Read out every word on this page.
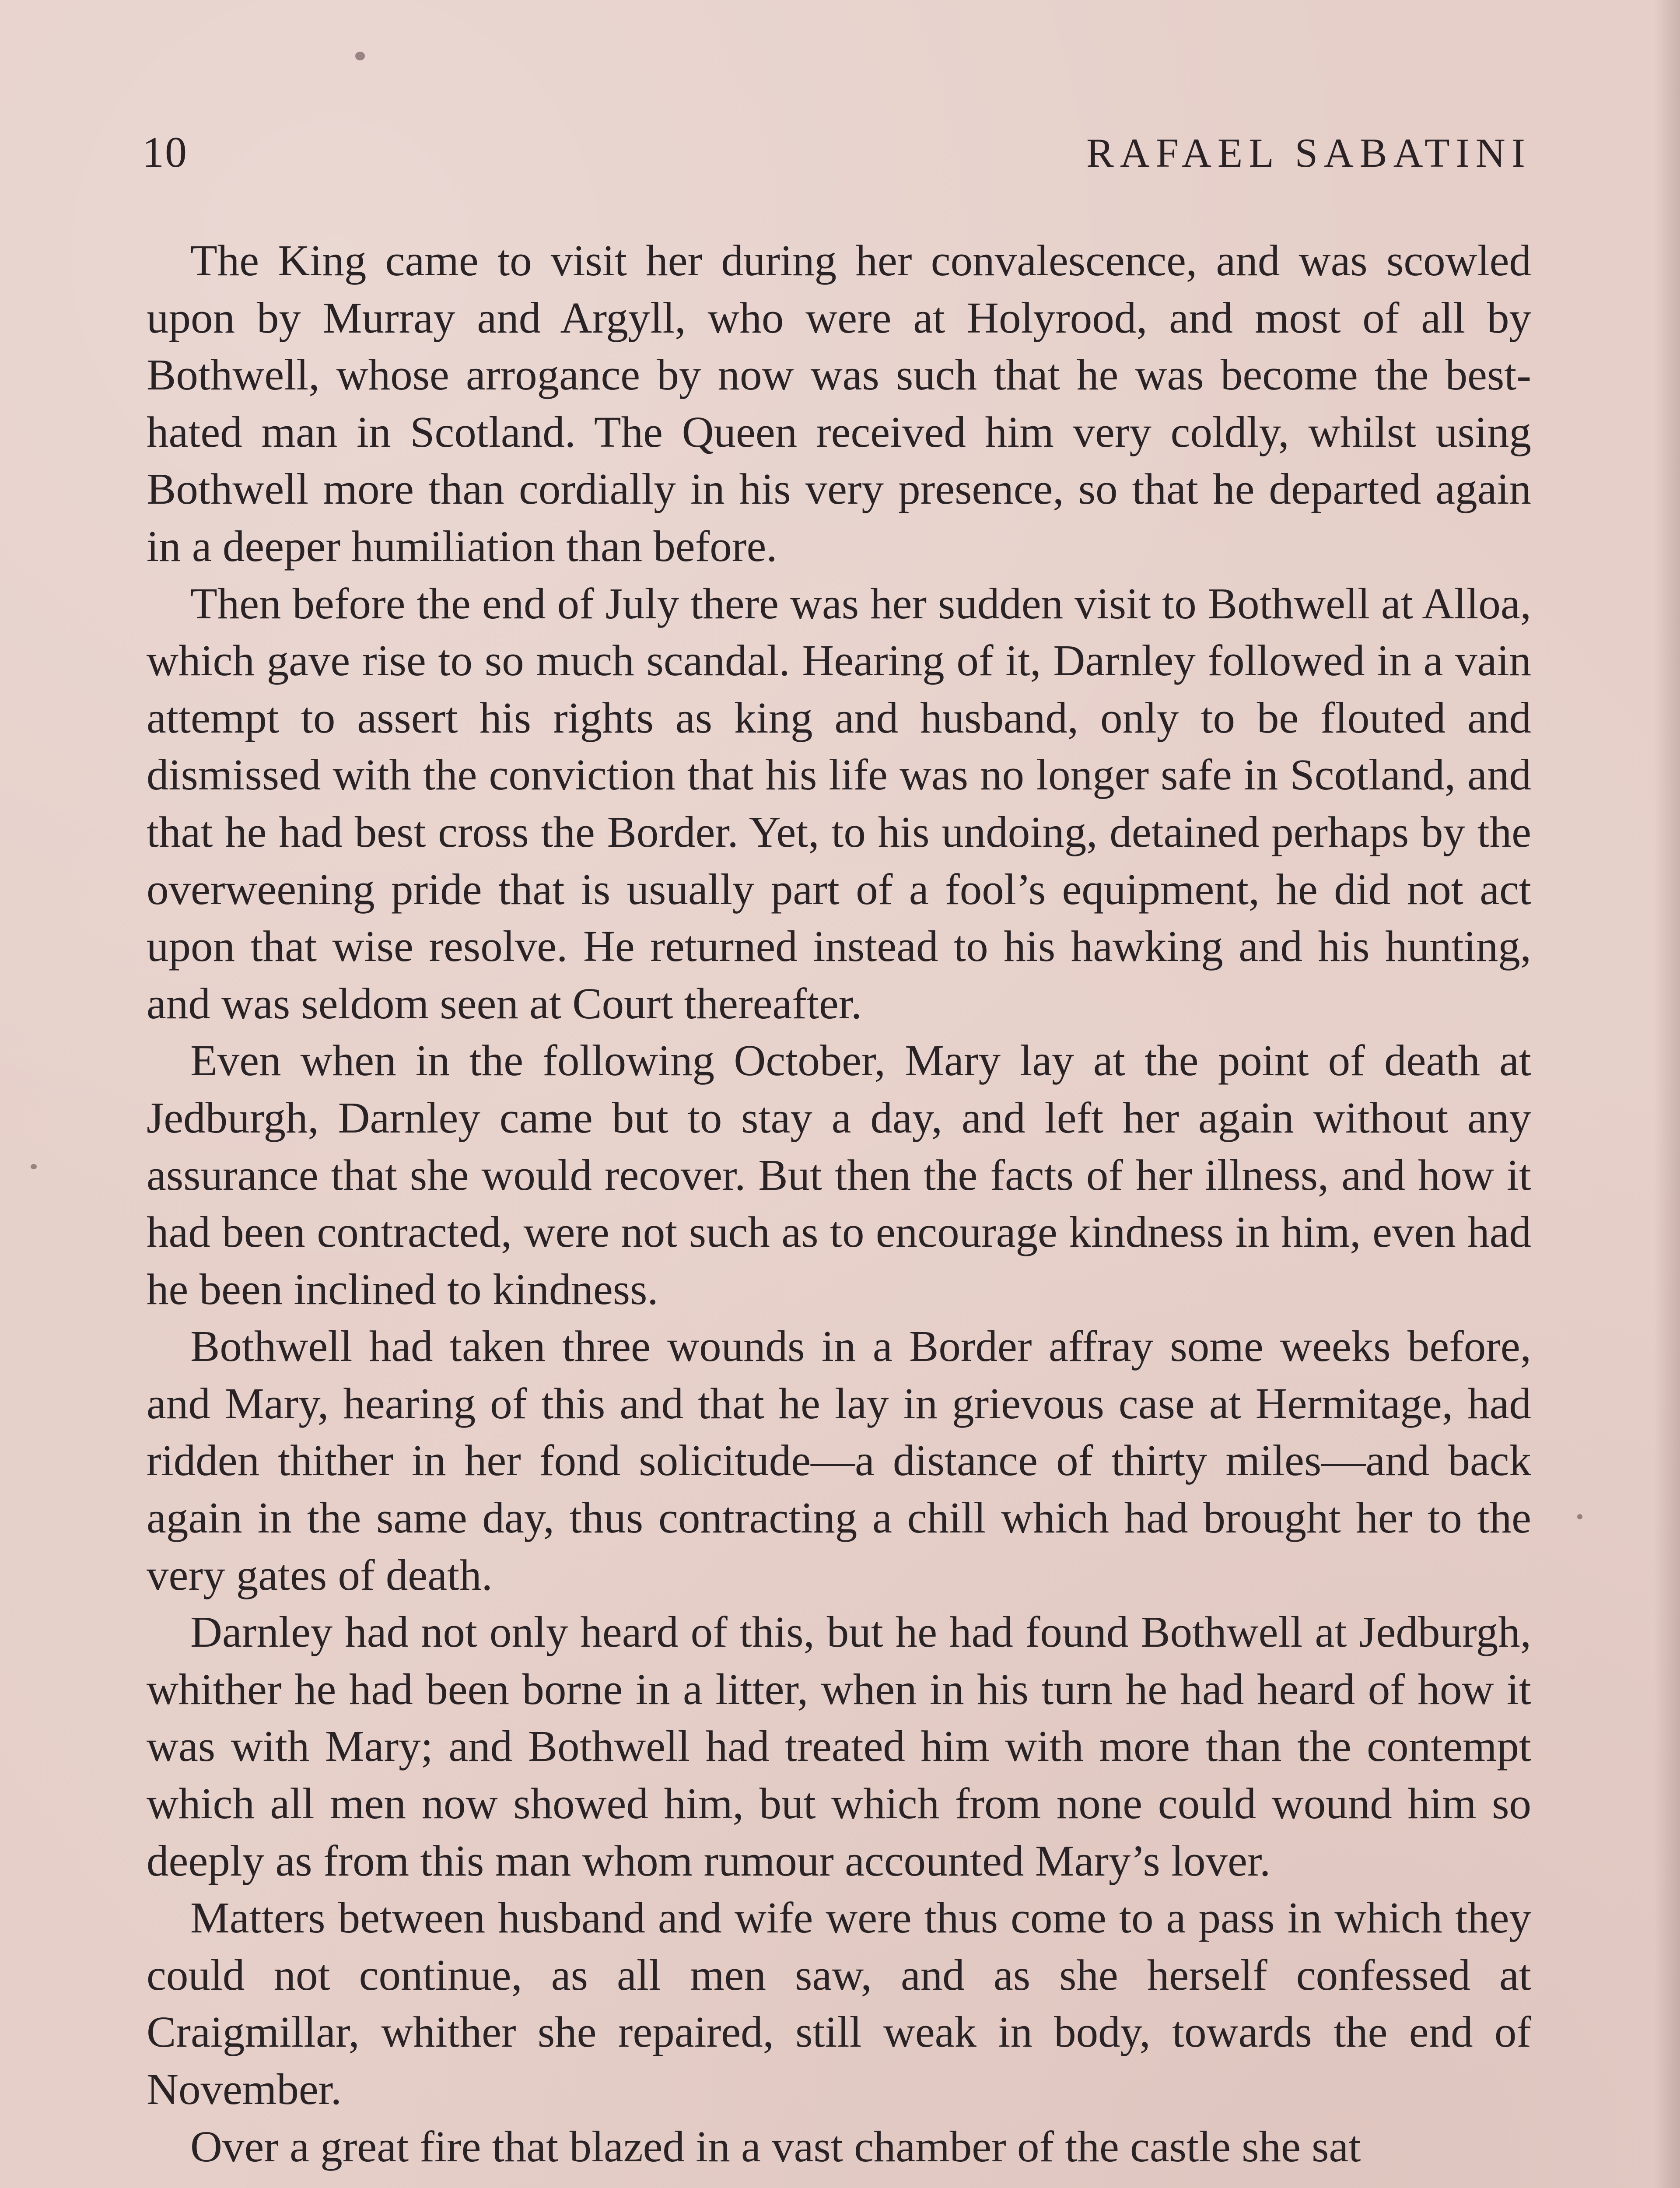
10	RAFAEL SABATINI

The King came to visit her during her convalescence, and was scowled upon by Murray and Argyll, who were at Holyrood, and most of all by Bothwell, whose arrogance by now was such that he was become the best-hated man in Scotland. The Queen received him very coldly, whilst using Bothwell more than cordially in his very presence, so that he departed again in a deeper humiliation than before.

Then before the end of July there was her sudden visit to Bothwell at Alloa, which gave rise to so much scandal. Hearing of it, Darnley followed in a vain attempt to assert his rights as king and husband, only to be flouted and dismissed with the conviction that his life was no longer safe in Scotland, and that he had best cross the Border. Yet, to his undoing, detained perhaps by the overweening pride that is usually part of a fool’s equipment, he did not act upon that wise resolve. He returned instead to his hawking and his hunting, and was seldom seen at Court thereafter.

Even when in the following October, Mary lay at the point of death at Jedburgh, Darnley came but to stay a day, and left her again without any assurance that she would recover. But then the facts of her illness, and how it had been contracted, were not such as to encourage kindness in him, even had he been inclined to kindness.

Bothwell had taken three wounds in a Border affray some weeks before, and Mary, hearing of this and that he lay in grievous case at Hermitage, had ridden thither in her fond solicitude—a distance of thirty miles—and back again in the same day, thus contracting a chill which had brought her to the very gates of death.

Darnley had not only heard of this, but he had found Bothwell at Jedburgh, whither he had been borne in a litter, when in his turn he had heard of how it was with Mary; and Bothwell had treated him with more than the contempt which all men now showed him, but which from none could wound him so deeply as from this man whom rumour accounted Mary’s lover.

Matters between husband and wife were thus come to a pass in which they could not continue, as all men saw, and as she herself confessed at Craigmillar, whither she repaired, still weak in body, towards the end of November.

Over a great fire that blazed in a vast chamber of the castle she sat
